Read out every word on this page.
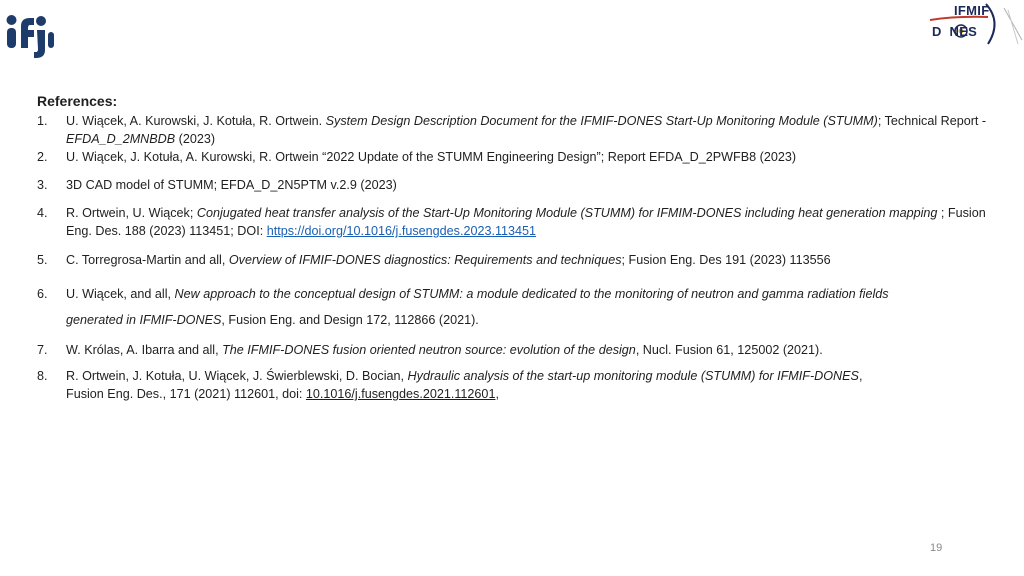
IFMIF
D  NES
References:
1.	U. Wiącek, A. Kurowski, J. Kotuła, R. Ortwein. System Design Description Document for the IFMIF-DONES Start-Up Monitoring Module (STUMM); Technical Report - EFDA_D_2MNBDB (2023)
2.	U. Wiącek, J. Kotuła, A. Kurowski, R. Ortwein “2022 Update of the STUMM Engineering Design”; Report EFDA_D_2PWFB8 (2023)
3.	3D CAD model of STUMM; EFDA_D_2N5PTM v.2.9 (2023)
4.	R. Ortwein, U. Wiącek; Conjugated heat transfer analysis of the Start-Up Monitoring Module (STUMM) for IFMIM-DONES including heat generation mapping ; Fusion Eng. Des. 188 (2023) 113451; DOI: https://doi.org/10.1016/j.fusengdes.2023.113451
5.	C. Torregrosa-Martin and all, Overview of IFMIF-DONES diagnostics: Requirements and techniques; Fusion Eng. Des 191 (2023) 113556
6.	U. Wiącek, and all, New approach to the conceptual design of STUMM: a module dedicated to the monitoring of neutron and gamma radiation fields
generated in IFMIF-DONES, Fusion Eng. and Design 172, 112866 (2021).
7.	W. Królas, A. Ibarra and all, The IFMIF-DONES fusion oriented neutron source: evolution of the design, Nucl. Fusion 61, 125002 (2021).
8.	R. Ortwein, J. Kotuła, U. Wiącek, J. Świerblewski, D. Bocian, Hydraulic analysis of the start-up monitoring module (STUMM) for IFMIF-DONES,
Fusion Eng. Des., 171 (2021) 112601, doi: 10.1016/j.fusengdes.2021.112601,
19
